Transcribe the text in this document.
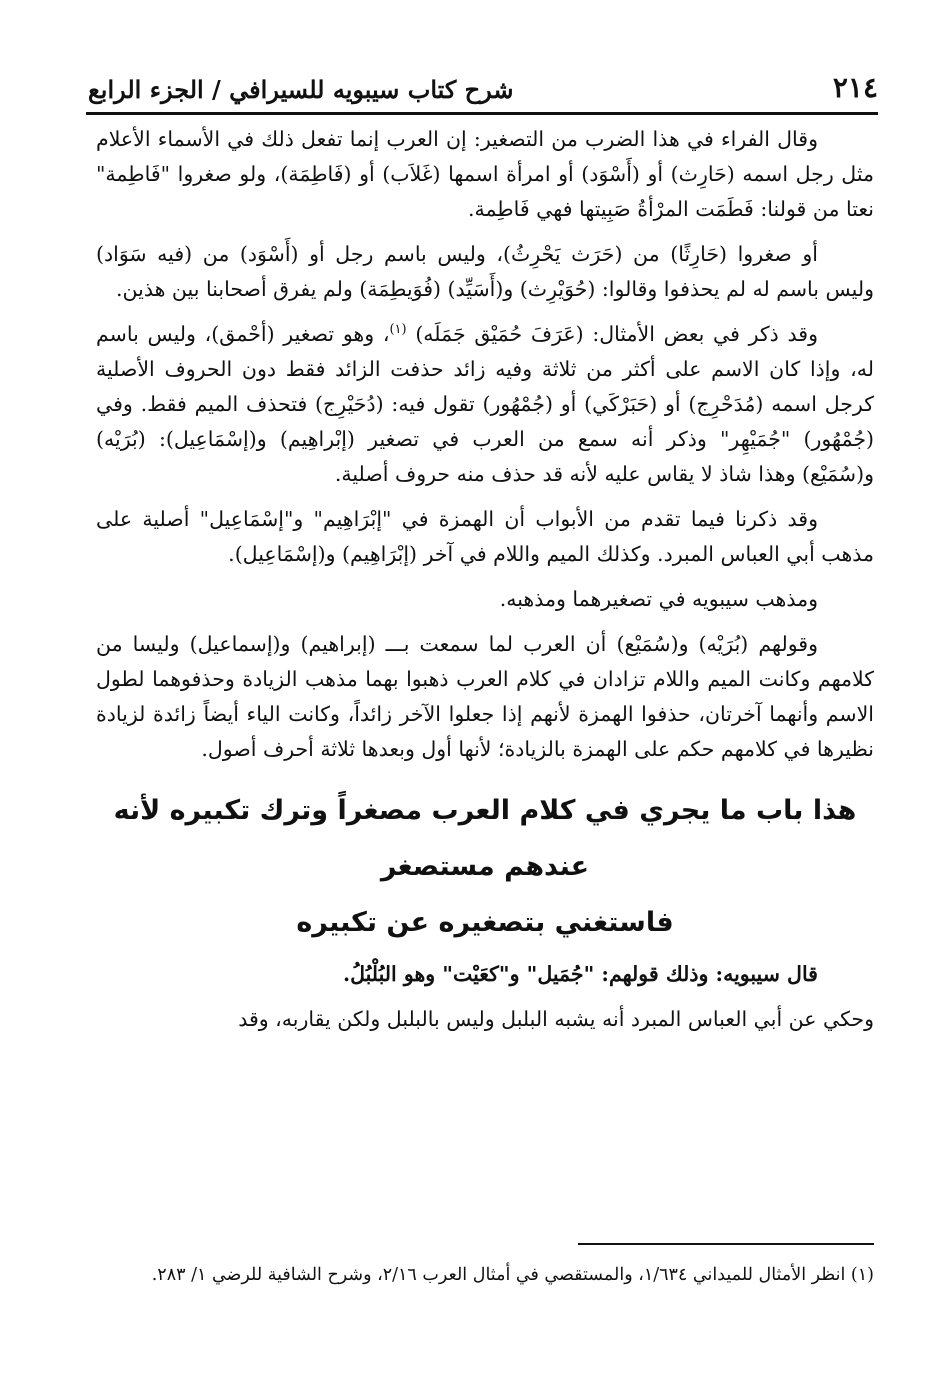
٢١٤
شرح كتاب سيبويه للسيرافي / الجزء الرابع

وقال الفراء في هذا الضرب من التصغير: إن العرب إنما تفعل ذلك في الأسماء الأعلام مثل رجل اسمه (حَارِث) أو (أَسْوَد) أو امرأة اسمها (غَلاَب) أو (فَاطِمَة)، ولو صغروا "فَاطِمة" نعتا من قولنا: فَطَمَت المرْأةُ صَبِيتها فهي فَاطِمة.

أو صغروا (حَارِثًا) من (حَرَث يَحْرِثُ)، وليس باسم رجل أو (أَسْوَد) من (فيه سَوَاد) وليس باسم له لم يحذفوا وقالوا: (حُوَيْرِث) و(أَسَيِّد) (فُوَيطِمَة) ولم يفرق أصحابنا بين هذين.

وقد ذكر في بعض الأمثال: (عَرَفَ حُمَيْق جَمَلَه) $^{(١)}$، وهو تصغير (أحْمق)، وليس باسم له، وإذا كان الاسم على أكثر من ثلاثة وفيه زائد حذفت الزائد فقط دون الحروف الأصلية كرجل اسمه (مُدَحْرِج) أو (حَبَرْكَي) أو (جُمْهُور) تقول فيه: (دُحَيْرِج) فتحذف الميم فقط. وفي (جُمْهُور) "جُمَيْهِر" وذكر أنه سمع من العرب في تصغير (إبْراهِيم) و(إسْمَاعِيل): (بُرَيْه) و(سُمَيْع) وهذا شاذ لا يقاس عليه لأنه قد حذف منه حروف أصلية.

وقد ذكرنا فيما تقدم من الأبواب أن الهمزة في "إبْرَاهِيم" و"إسْمَاعِيل" أصلية على مذهب أبي العباس المبرد. وكذلك الميم واللام في آخر (إبْرَاهِيم) و(إسْمَاعِيل).

ومذهب سيبويه في تصغيرهما ومذهبه.

وقولهم (بُرَيْه) و(سُمَيْع) أن العرب لما سمعت بـــ (إبراهيم) و(إسماعيل) وليسا من كلامهم وكانت الميم واللام تزادان في كلام العرب ذهبوا بهما مذهب الزيادة وحذفوهما لطول الاسم وأنهما آخرتان، حذفوا الهمزة لأنهم إذا جعلوا الآخر زائداً، وكانت الياء أيضاً زائدة لزيادة نظيرها في كلامهم حكم على الهمزة بالزيادة؛ لأنها أول وبعدها ثلاثة أحرف أصول.

هذا باب ما يجري في كلام العرب مصغراً وترك تكبيره لأنه عندهم مستصغر
فاستغني بتصغيره عن تكبيره

قال سيبويه: وذلك قولهم: "جُمَيل" و"كعَيْت" وهو البُلْبُلُ.

وحكي عن أبي العباس المبرد أنه يشبه البلبل وليس بالبلبل ولكن يقاربه، وقد

(١) انظر الأمثال للميداني ١/٦٣٤، والمستقصي في أمثال العرب ٢/١٦، وشرح الشافية للرضي ١/ ٢٨٣.
